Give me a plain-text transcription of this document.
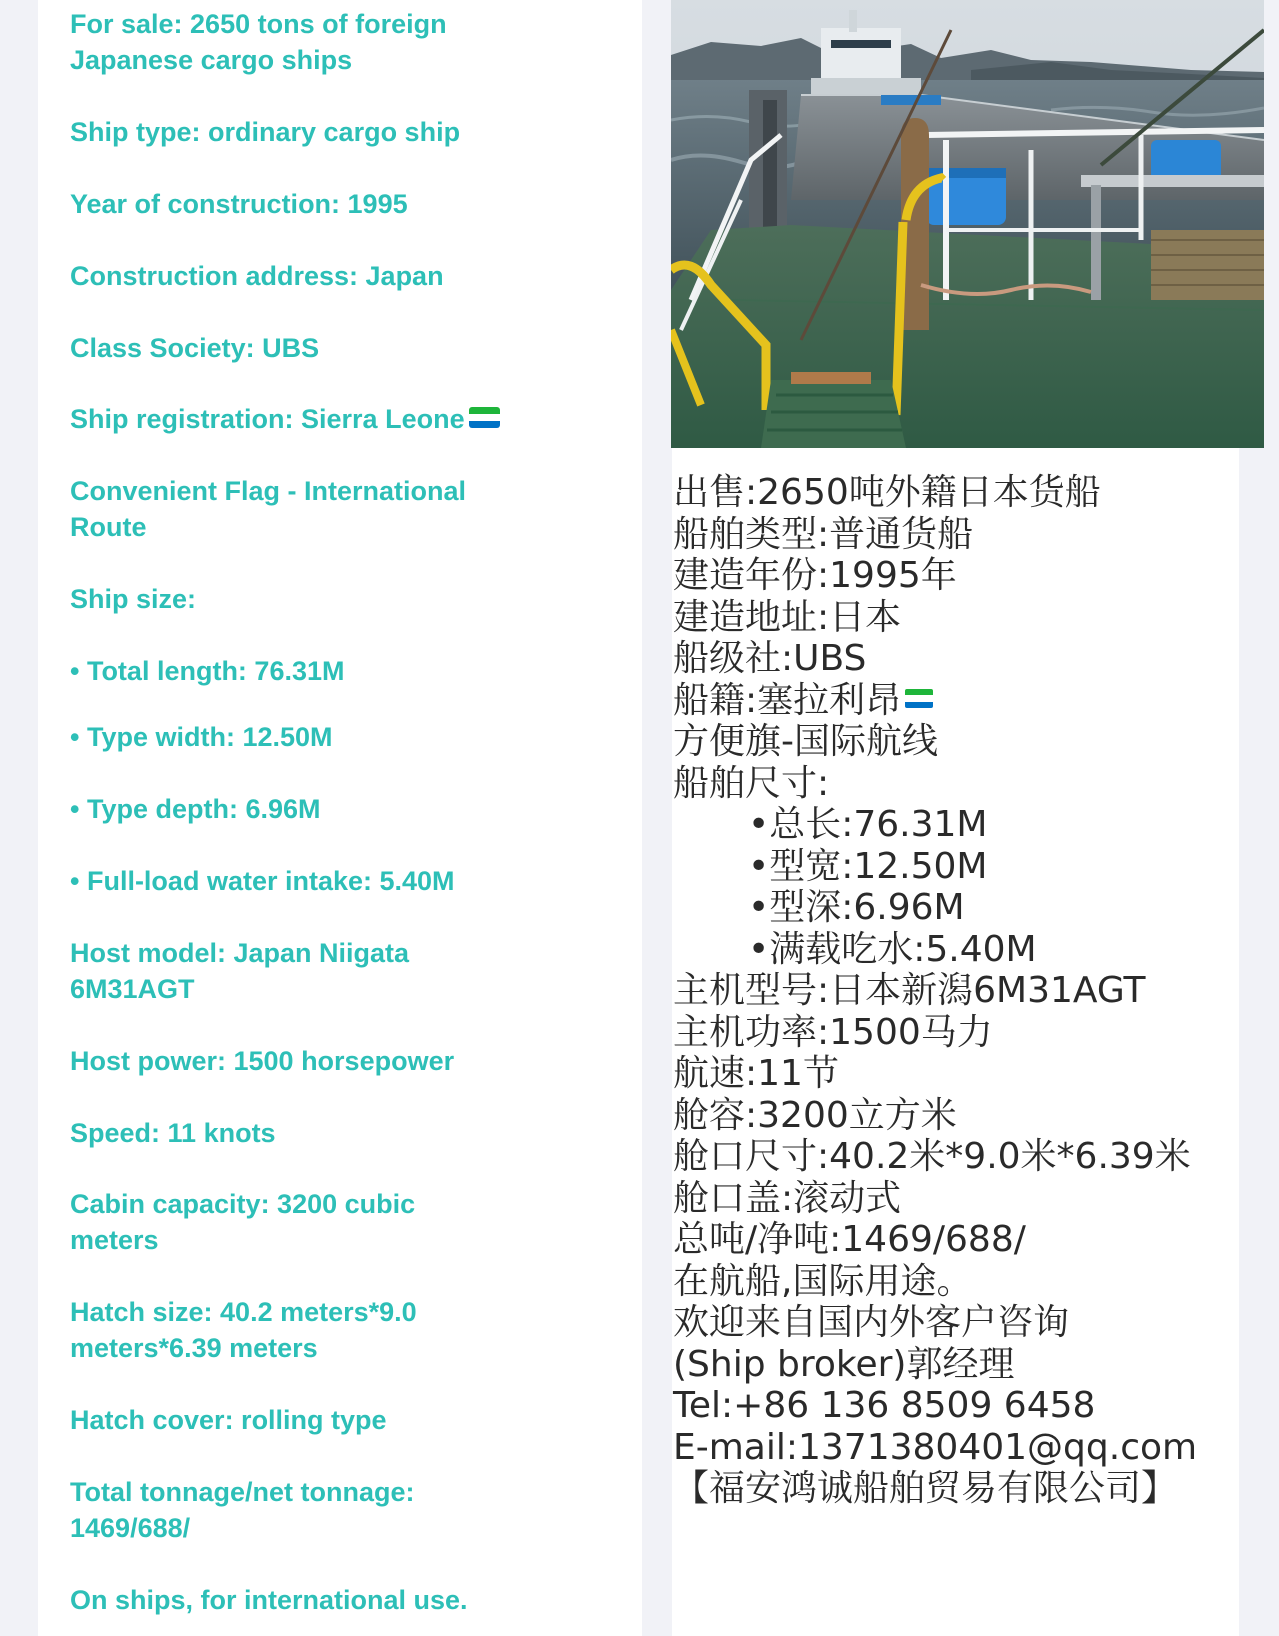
For sale: 2650 tons of foreign
Japanese cargo ships
Ship type: ordinary cargo ship
Year of construction: 1995
Construction address: Japan
Class Society: UBS
Ship registration: Sierra Leone
Convenient Flag - International
Route
Ship size:
• Total length: 76.31M
• Type width: 12.50M
• Type depth: 6.96M
• Full-load water intake: 5.40M
Host model: Japan Niigata
6M31AGT
Host power: 1500 horsepower
Speed: 11 knots
Cabin capacity: 3200 cubic
meters
Hatch size: 40.2 meters*9.0
meters*6.39 meters
Hatch cover: rolling type
Total tonnage/net tonnage:
1469/688/
On ships, for international use.
出售:2650吨外籍日本货船
船舶类型:普通货船
建造年份:1995年
建造地址:日本
船级社:UBS
船籍:塞拉利昂
方便旗-国际航线
船舶尺寸:
•总长:76.31M
•型宽:12.50M
•型深:6.96M
•满载吃水:5.40M
主机型号:日本新潟6M31AGT
主机功率:1500马力
航速:11节
舱容:3200立方米
舱口尺寸:40.2米*9.0米*6.39米
舱口盖:滚动式
总吨/净吨:1469/688/
在航船,国际用途。
欢迎来自国内外客户咨询
(Ship broker)郭经理
Tel:+86 136 8509 6458
E-mail:1371380401@qq.com
【福安鸿诚船舶贸易有限公司】
